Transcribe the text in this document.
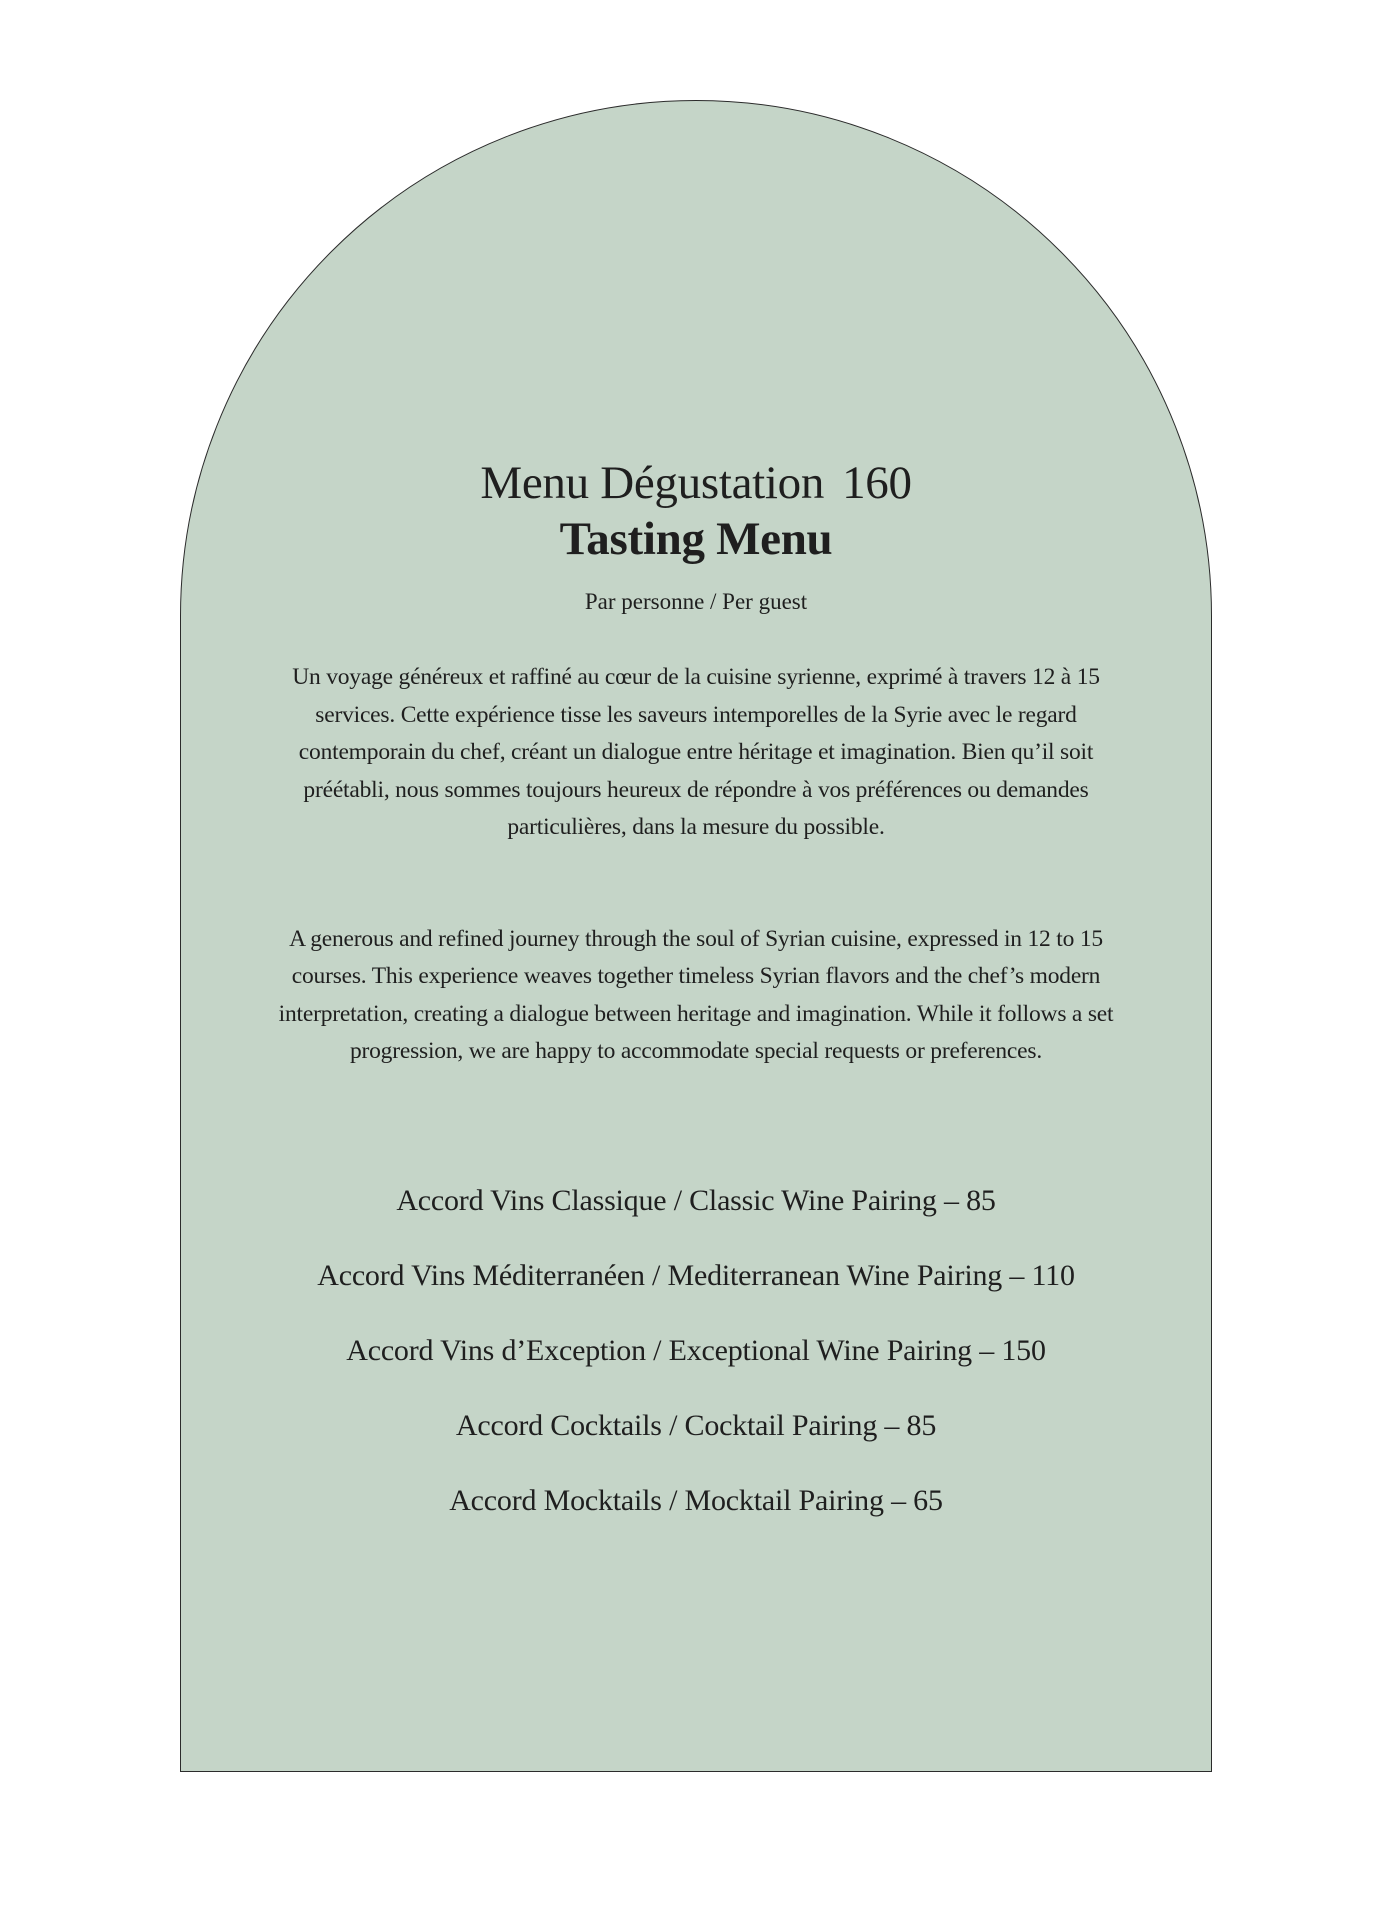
Menu Dégustation 160
Tasting Menu
Par personne / Per guest

Un voyage généreux et raffiné au cœur de la cuisine syrienne, exprimé à travers 12 à 15 services. Cette expérience tisse les saveurs intemporelles de la Syrie avec le regard contemporain du chef, créant un dialogue entre héritage et imagination. Bien qu’il soit préétabli, nous sommes toujours heureux de répondre à vos préférences ou demandes particulières, dans la mesure du possible.

A generous and refined journey through the soul of Syrian cuisine, expressed in 12 to 15 courses. This experience weaves together timeless Syrian flavors and the chef’s modern interpretation, creating a dialogue between heritage and imagination. While it follows a set progression, we are happy to accommodate special requests or preferences.

Accord Vins Classique / Classic Wine Pairing – 85
Accord Vins Méditerranéen / Mediterranean Wine Pairing – 110
Accord Vins d’Exception / Exceptional Wine Pairing – 150
Accord Cocktails / Cocktail Pairing – 85
Accord Mocktails / Mocktail Pairing – 65
